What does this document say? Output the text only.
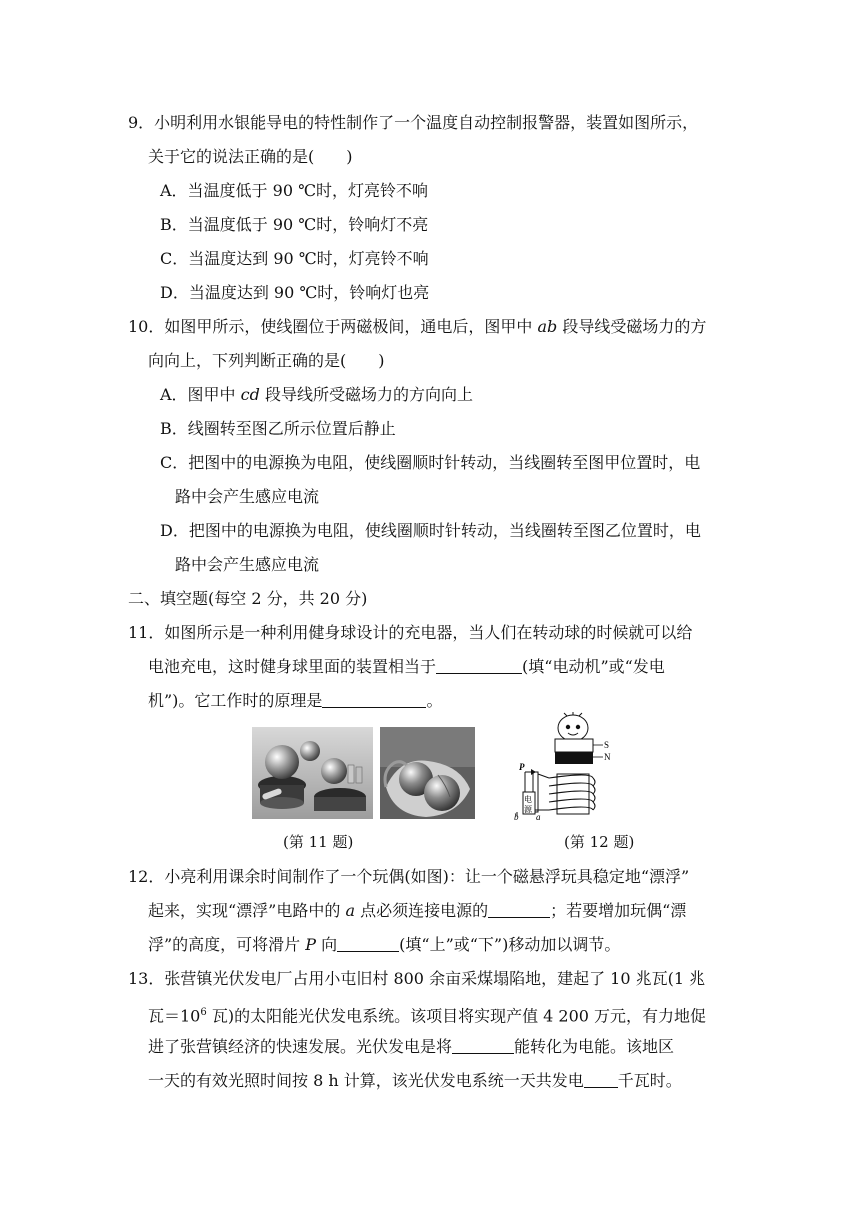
9．小明利用水银能导电的特性制作了一个温度自动控制报警器，装置如图所示，
关于它的说法正确的是(　　)
A．当温度低于 90 ℃时，灯亮铃不响
B．当温度低于 90 ℃时，铃响灯不亮
C．当温度达到 90 ℃时，灯亮铃不响
D．当温度达到 90 ℃时，铃响灯也亮
10．如图甲所示，使线圈位于两磁极间，通电后，图甲中 ab 段导线受磁场力的方
向向上，下列判断正确的是(　　)
A．图甲中 cd 段导线所受磁场力的方向向上
B．线圈转至图乙所示位置后静止
C．把图中的电源换为电阻，使线圈顺时针转动，当线圈转至图甲位置时，电
路中会产生感应电流
D．把图中的电源换为电阻，使线圈顺时针转动，当线圈转至图乙位置时，电
路中会产生感应电流
二、填空题(每空 2 分，共 20 分)
11．如图所示是一种利用健身球设计的充电器，当人们在转动球的时候就可以给
电池充电，这时健身球里面的装置相当于	(填“电动机”或“发电
机”)。它工作时的原理是	。
S
N
P
电
源
b a
(第 11 题)	(第 12 题)
12．小亮利用课余时间制作了一个玩偶(如图)：让一个磁悬浮玩具稳定地“漂浮”
起来，实现“漂浮”电路中的 a 点必须连接电源的	；若要增加玩偶“漂
浮”的高度，可将滑片 P 向	(填“上”或“下”)移动加以调节。
13．张营镇光伏发电厂占用小屯旧村 800 余亩采煤塌陷地，建起了 10 兆瓦(1 兆
瓦$=10^6$ 瓦)的太阳能光伏发电系统。该项目将实现产值 4 200 万元，有力地促
进了张营镇经济的快速发展。光伏发电是将	能转化为电能。该地区
一天的有效光照时间按 8 h 计算，该光伏发电系统一天共发电 千瓦时。
